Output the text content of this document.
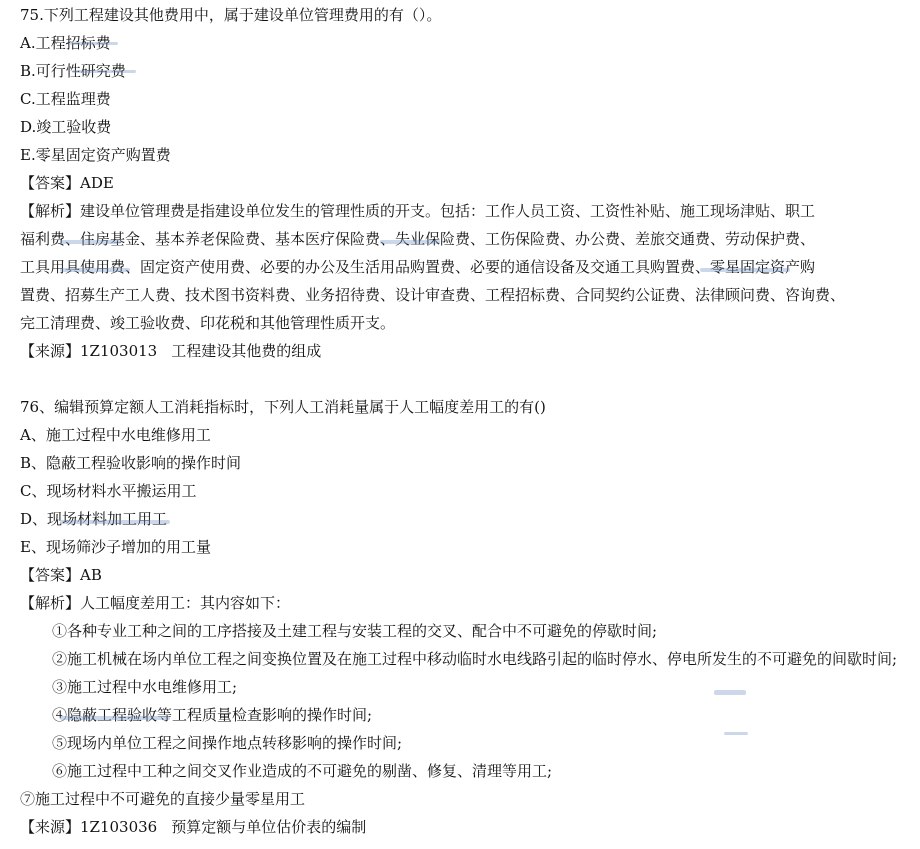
75.下列工程建设其他费用中，属于建设单位管理费用的有（）。
A.工程招标费
B.可行性研究费
C.工程监理费
D.竣工验收费
E.零星固定资产购置费
【答案】ADE
【解析】建设单位管理费是指建设单位发生的管理性质的开支。包括：工作人员工资、工资性补贴、施工现场津贴、职工
福利费、住房基金、基本养老保险费、基本医疗保险费、失业保险费、工伤保险费、办公费、差旅交通费、劳动保护费、
工具用具使用费、固定资产使用费、必要的办公及生活用品购置费、必要的通信设备及交通工具购置费、零星固定资产购
置费、招募生产工人费、技术图书资料费、业务招待费、设计审查费、工程招标费、合同契约公证费、法律顾问费、咨询费、
完工清理费、竣工验收费、印花税和其他管理性质开支。
【来源】1Z103013 工程建设其他费的组成
76、编辑预算定额人工消耗指标时，下列人工消耗量属于人工幅度差用工的有()
A、施工过程中水电维修用工
B、隐蔽工程验收影响的操作时间
C、现场材料水平搬运用工
D、现场材料加工用工
E、现场筛沙子增加的用工量
【答案】AB
【解析】人工幅度差用工：其内容如下：
①各种专业工种之间的工序搭接及土建工程与安装工程的交叉、配合中不可避免的停歇时间;
②施工机械在场内单位工程之间变换位置及在施工过程中移动临时水电线路引起的临时停水、停电所发生的不可避免的间歇时间;
③施工过程中水电维修用工;
④隐蔽工程验收等工程质量检查影响的操作时间;
⑤现场内单位工程之间操作地点转移影响的操作时间;
⑥施工过程中工种之间交叉作业造成的不可避免的剔凿、修复、清理等用工;
⑦施工过程中不可避免的直接少量零星用工
【来源】1Z103036 预算定额与单位估价表的编制
